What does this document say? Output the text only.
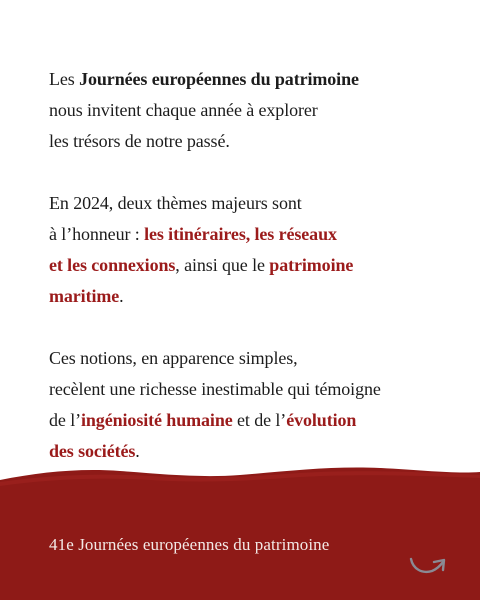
Les Journées européennes du patrimoine
nous invitent chaque année à explorer
les trésors de notre passé.

En 2024, deux thèmes majeurs sont
à l’honneur : les itinéraires, les réseaux
et les connexions, ainsi que le patrimoine
maritime.

Ces notions, en apparence simples,
recèlent une richesse inestimable qui témoigne
de l’ingéniosité humaine et de l’évolution
des sociétés.

41e Journées européennes du patrimoine
